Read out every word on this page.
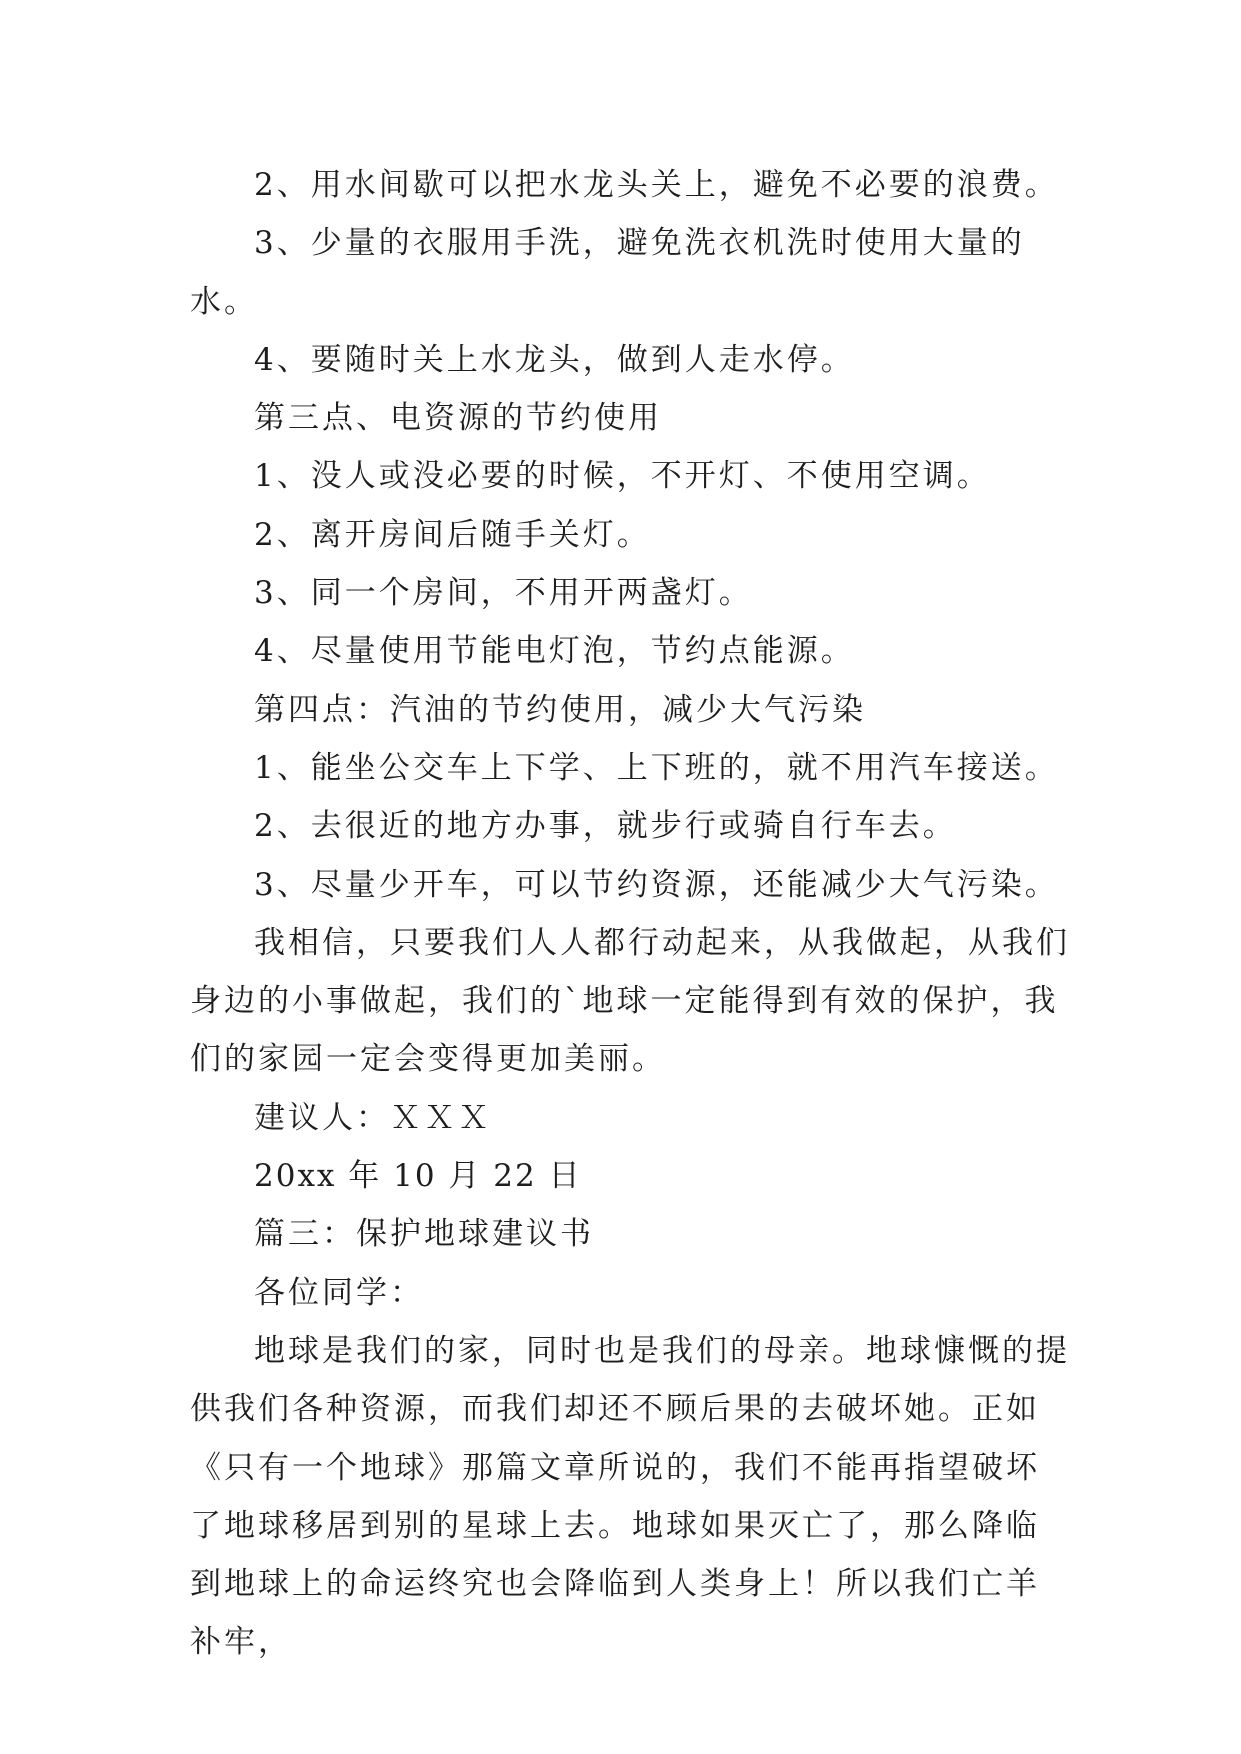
2、用水间歇可以把水龙头关上，避免不必要的浪费。

3、少量的衣服用手洗，避免洗衣机洗时使用大量的水。

4、要随时关上水龙头，做到人走水停。

第三点、电资源的节约使用

1、没人或没必要的时候，不开灯、不使用空调。

2、离开房间后随手关灯。

3、同一个房间，不用开两盏灯。

4、尽量使用节能电灯泡，节约点能源。

第四点：汽油的节约使用，减少大气污染

1、能坐公交车上下学、上下班的，就不用汽车接送。

2、去很近的地方办事，就步行或骑自行车去。

3、尽量少开车，可以节约资源，还能减少大气污染。

我相信，只要我们人人都行动起来，从我做起，从我们身边的小事做起，我们的`地球一定能得到有效的保护，我们的家园一定会变得更加美丽。

建议人：ＸＸＸ

20xx 年 10 月 22 日

篇三：保护地球建议书

各位同学：

地球是我们的家，同时也是我们的母亲。地球慷慨的提供我们各种资源，而我们却还不顾后果的去破坏她。正如《只有一个地球》那篇文章所说的，我们不能再指望破坏了地球移居到别的星球上去。地球如果灭亡了，那么降临到地球上的命运终究也会降临到人类身上！所以我们亡羊补牢，
